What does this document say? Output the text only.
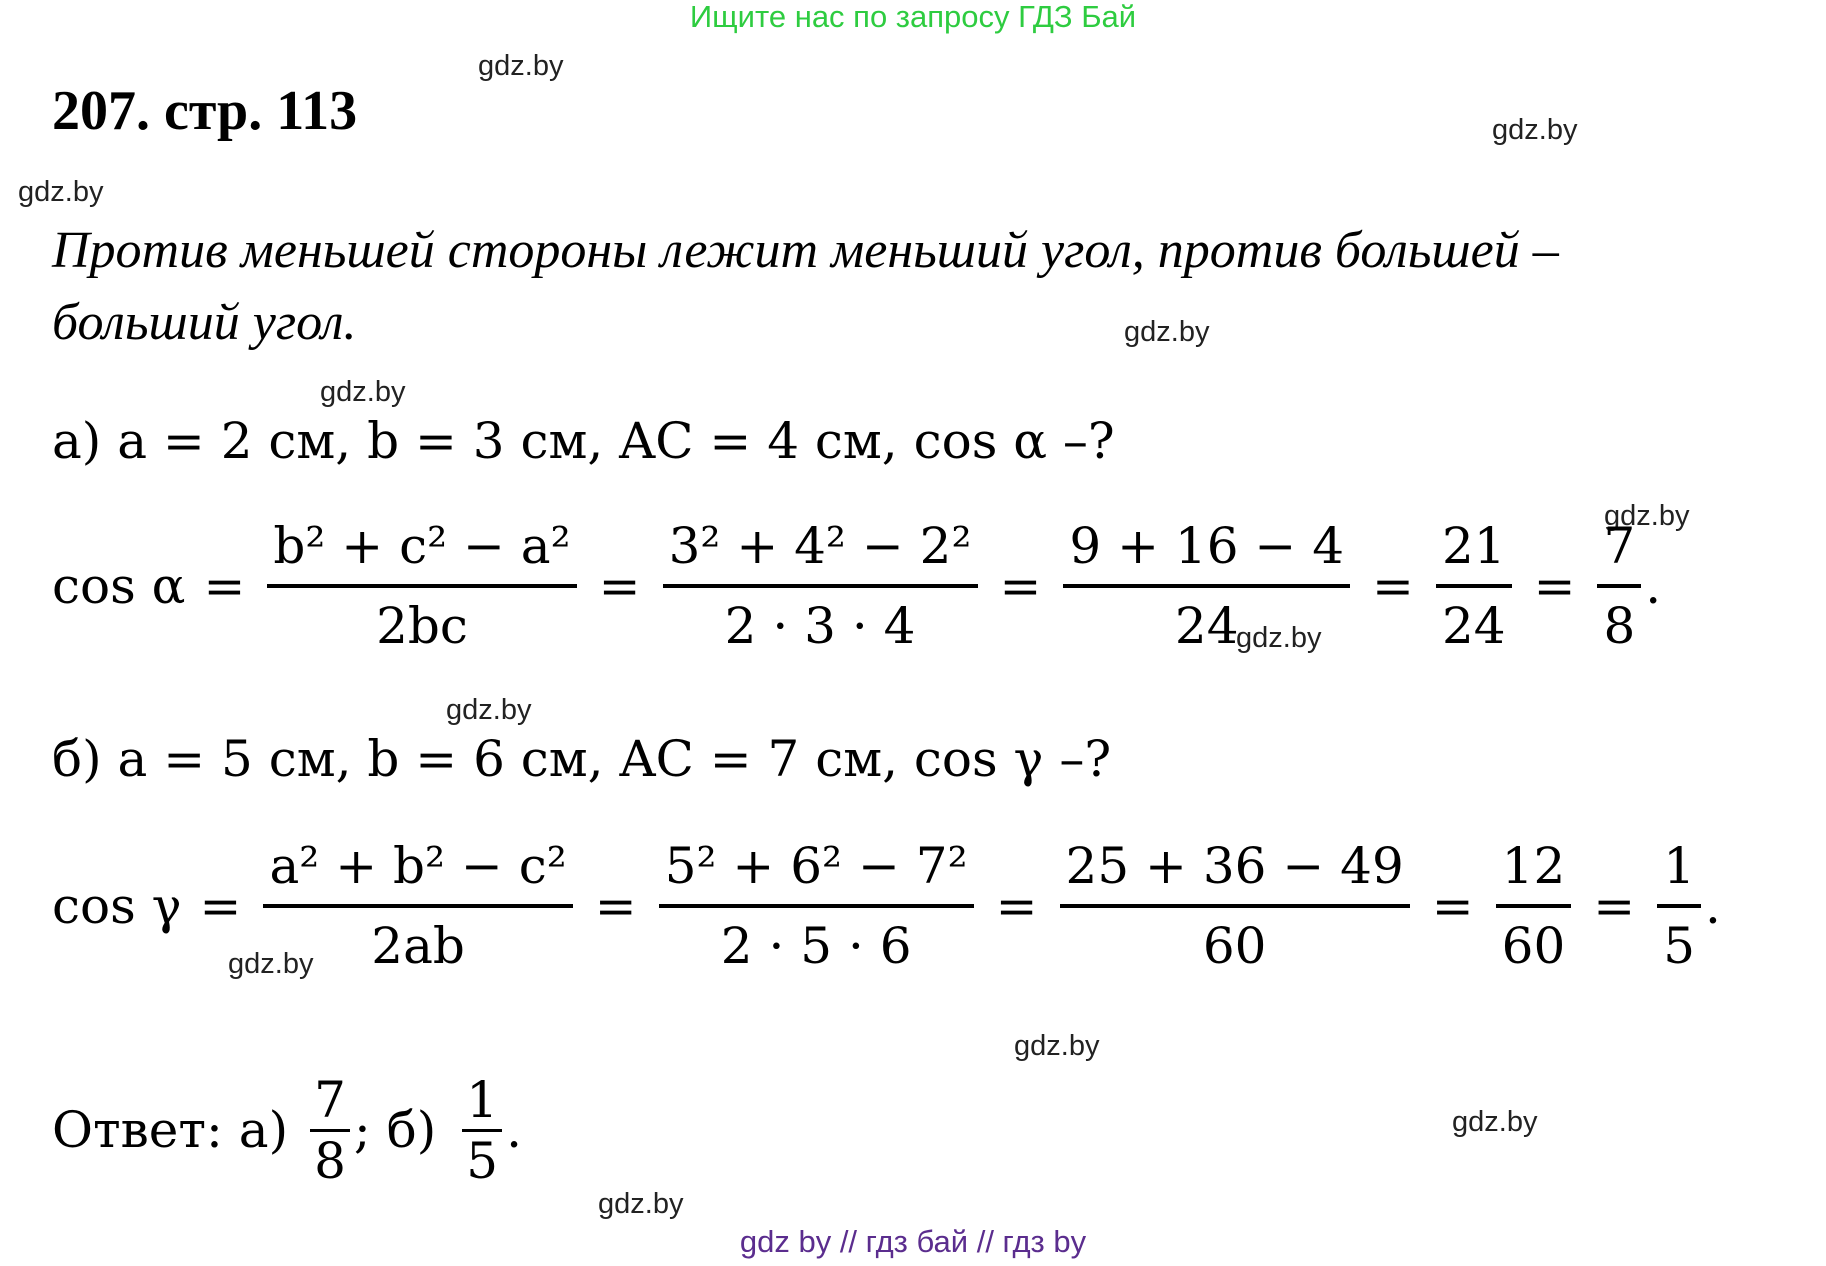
Ищите нас по запросу ГДЗ Бай
gdz.by
gdz.by
gdz.by
gdz.by
gdz.by
gdz.by
gdz.by
gdz.by
gdz.by
gdz.by
gdz.by
gdz.by
207. стр. 113
Против меньшей стороны лежит меньший угол, против большей –
больший угол.
а) a = 2 см, b = 3 см, AC = 4 см, cos α –?
$\cos \alpha = \frac{\text{b² + c² − a²}}{2bc} = \frac{\text{3² + 4² − 2²}}{2 \cdot 3 \cdot 4} = \frac{9 + 16 - 4}{24} = \frac{21}{24} = \frac{7}{8}$ .
б) a = 5 см, b = 6 см, AC = 7 см, cos γ –?
$\cos \gamma = \frac{\text{a² + b² − c²}}{2ab} = \frac{\text{5² + 6² − 7²}}{2 \cdot 5 \cdot 6} = \frac{25 + 36 - 49}{60} = \frac{12}{60} = \frac{1}{5}$ .
Ответ: $а) \frac{7}{8}$ ; $б) \frac{1}{5}$ .
gdz by // гдз бай // гдз by
